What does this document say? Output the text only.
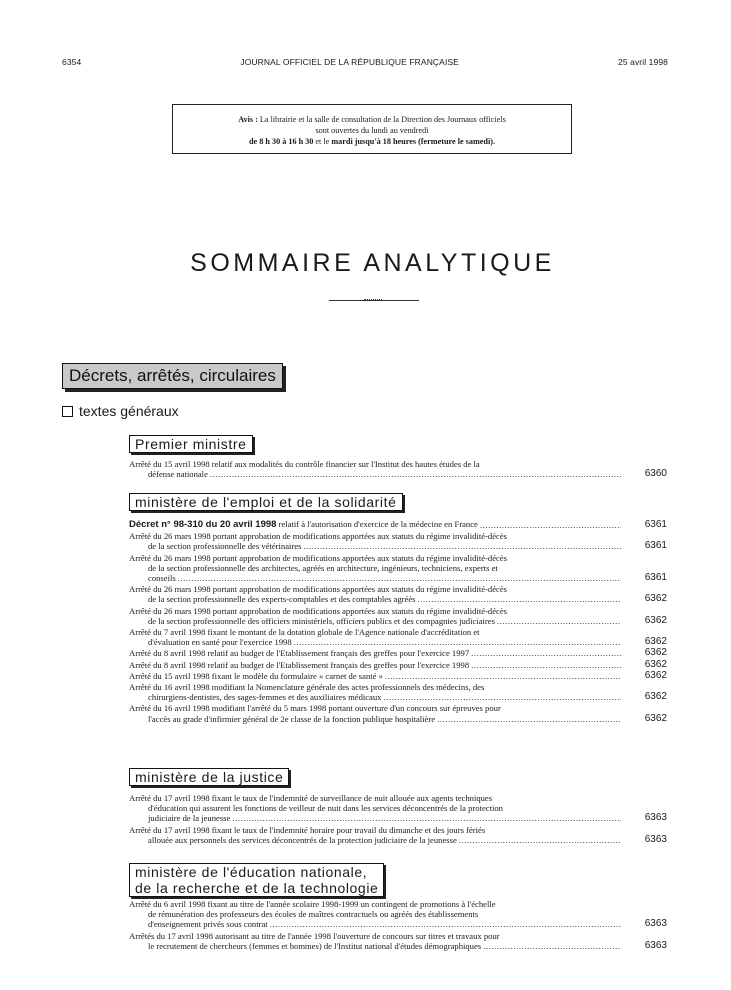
6354	JOURNAL OFFICIEL DE LA RÉPUBLIQUE FRANÇAISE	25 avril 1998
Avis : La librairie et la salle de consultation de la Direction des Journaux officiels
sont ouvertes du lundi au vendredi
de 8 h 30 à 16 h 30 et le mardi jusqu'à 18 heures (fermeture le samedi).
SOMMAIRE ANALYTIQUE
Décrets, arrêtés, circulaires
textes généraux
Premier ministre
Arrêté du 15 avril 1998 relatif aux modalités du contrôle financier sur l'Institut des hautes études de la
défense nationale .....	6360
ministère de l'emploi et de la solidarité
Décret n° 98-310 du 20 avril 1998 relatif à l'autorisation d'exercice de la médecine en France .....	6361
Arrêté du 26 mars 1998 portant approbation de modifications apportées aux statuts du régime invalidité-décès
de la section professionnelle des vétérinaires .....	6361
Arrêté du 26 mars 1998 portant approbation de modifications apportées aux statuts du régime invalidité-décès
de la section professionnelle des architectes, agréés en architecture, ingénieurs, techniciens, experts et
conseils .....	6361
Arrêté du 26 mars 1998 portant approbation de modifications apportées aux statuts du régime invalidité-décès
de la section professionnelle des experts-comptables et des comptables agréés .....	6362
Arrêté du 26 mars 1998 portant approbation de modifications apportées aux statuts du régime invalidité-décès
de la section professionnelle des officiers ministériels, officiers publics et des compagnies judiciaires .....	6362
Arrêté du 7 avril 1998 fixant le montant de la dotation globale de l'Agence nationale d'accréditation et
d'évaluation en santé pour l'exercice 1998 .....	6362
Arrêté du 8 avril 1998 relatif au budget de l'Etablissement français des greffes pour l'exercice 1997 .....	6362
Arrêté du 8 avril 1998 relatif au budget de l'Etablissement français des greffes pour l'exercice 1998 .....	6362
Arrêté du 15 avril 1998 fixant le modèle du formulaire « carnet de santé » .....	6362
Arrêté du 16 avril 1998 modifiant la Nomenclature générale des actes professionnels des médecins, des
chirurgiens-dentistes, des sages-femmes et des auxiliaires médicaux .....	6362
Arrêté du 16 avril 1998 modifiant l'arrêté du 5 mars 1998 portant ouverture d'un concours sur épreuves pour
l'accès au grade d'infirmier général de 2e classe de la fonction publique hospitalière .....	6362
ministère de la justice
Arrêté du 17 avril 1998 fixant le taux de l'indemnité de surveillance de nuit allouée aux agents techniques
d'éducation qui assurent les fonctions de veilleur de nuit dans les services déconcentrés de la protection
judiciaire de la jeunesse .....	6363
Arrêté du 17 avril 1998 fixant le taux de l'indemnité horaire pour travail du dimanche et des jours fériés
allouée aux personnels des services déconcentrés de la protection judiciaire de la jeunesse .....	6363
ministère de l'éducation nationale,
de la recherche et de la technologie
Arrêté du 6 avril 1998 fixant au titre de l'année scolaire 1998-1999 un contingent de promotions à l'échelle
de rémunération des professeurs des écoles de maîtres contractuels ou agréés des établissements
d'enseignement privés sous contrat .....	6363
Arrêtés du 17 avril 1998 autorisant au titre de l'année 1998 l'ouverture de concours sur titres et travaux pour
le recrutement de chercheurs (femmes et hommes) de l'Institut national d'études démographiques .....	6363
